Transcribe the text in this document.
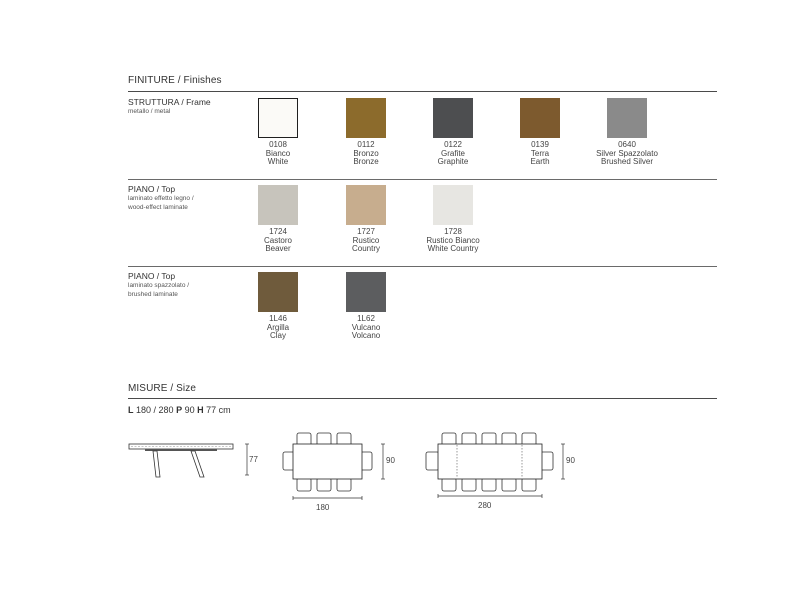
FINITURE / Finishes
STRUTTURA / Frame
metallo / metal
0108
Bianco
White
0112
Bronzo
Bronze
0122
Grafite
Graphite
0139
Terra
Earth
0640
Silver Spazzolato
Brushed Silver
PIANO / Top
laminato effetto legno /
wood-effect laminate
1724
Castoro
Beaver
1727
Rustico
Country
1728
Rustico Bianco
White Country
PIANO / Top
laminato spazzolato /
brushed laminate
1L46
Argilla
Clay
1L62
Vulcano
Volcano
MISURE / Size
L 180 / 280 P 90 H 77 cm
77	90
180
90
280
